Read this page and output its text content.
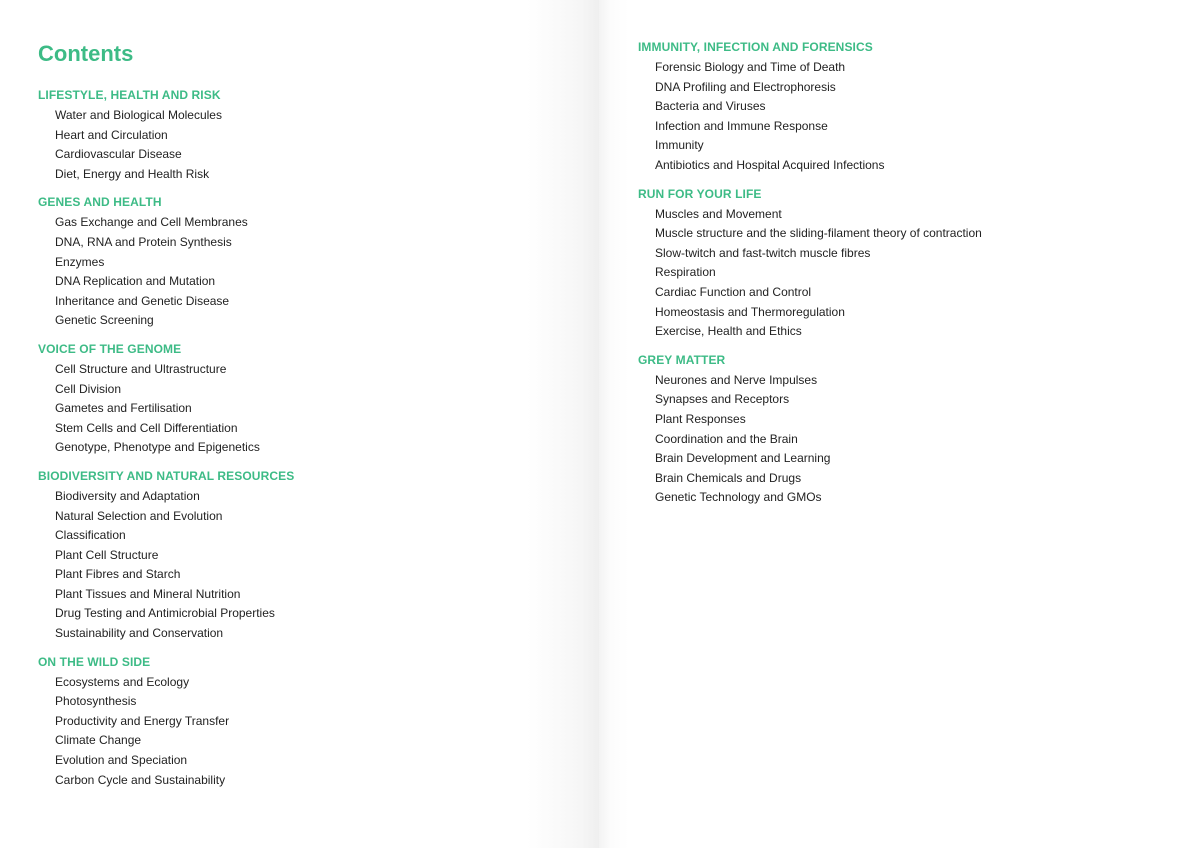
Contents
LIFESTYLE, HEALTH AND RISK
Water and Biological Molecules
Heart and Circulation
Cardiovascular Disease
Diet, Energy and Health Risk
GENES AND HEALTH
Gas Exchange and Cell Membranes
DNA, RNA and Protein Synthesis
Enzymes
DNA Replication and Mutation
Inheritance and Genetic Disease
Genetic Screening
VOICE OF THE GENOME
Cell Structure and Ultrastructure
Cell Division
Gametes and Fertilisation
Stem Cells and Cell Differentiation
Genotype, Phenotype and Epigenetics
BIODIVERSITY AND NATURAL RESOURCES
Biodiversity and Adaptation
Natural Selection and Evolution
Classification
Plant Cell Structure
Plant Fibres and Starch
Plant Tissues and Mineral Nutrition
Drug Testing and Antimicrobial Properties
Sustainability and Conservation
ON THE WILD SIDE
Ecosystems and Ecology
Photosynthesis
Productivity and Energy Transfer
Climate Change
Evolution and Speciation
Carbon Cycle and Sustainability
IMMUNITY, INFECTION AND FORENSICS
Forensic Biology and Time of Death
DNA Profiling and Electrophoresis
Bacteria and Viruses
Infection and Immune Response
Immunity
Antibiotics and Hospital Acquired Infections
RUN FOR YOUR LIFE
Muscles and Movement
Muscle structure and the sliding-filament theory of contraction
Slow-twitch and fast-twitch muscle fibres
Respiration
Cardiac Function and Control
Homeostasis and Thermoregulation
Exercise, Health and Ethics
GREY MATTER
Neurones and Nerve Impulses
Synapses and Receptors
Plant Responses
Coordination and the Brain
Brain Development and Learning
Brain Chemicals and Drugs
Genetic Technology and GMOs
